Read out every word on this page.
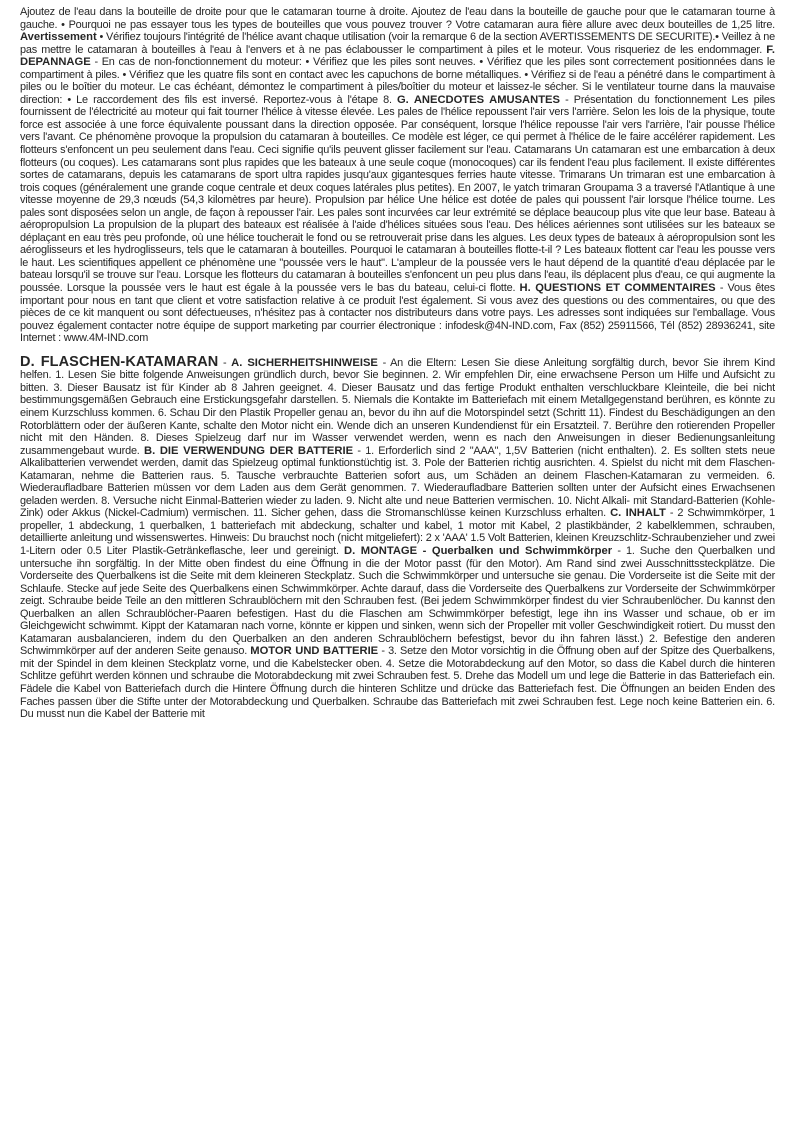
Ajoutez de l'eau dans la bouteille de droite pour que le catamaran tourne à droite. Ajoutez de l'eau dans la bouteille de gauche pour que le catamaran tourne à gauche. • Pourquoi ne pas essayer tous les types de bouteilles que vous pouvez trouver ? Votre catamaran aura fière allure avec deux bouteilles de 1,25 litre. Avertissement • Vérifiez toujours l'intégrité de l'hélice avant chaque utilisation (voir la remarque 6 de la section AVERTISSEMENTS DE SECURITE).• Veillez à ne pas mettre le catamaran à bouteilles à l'eau à l'envers et à ne pas éclabousser le compartiment à piles et le moteur. Vous risqueriez de les endommager. F. DEPANNAGE - En cas de non-fonctionnement du moteur: • Vérifiez que les piles sont neuves. • Vérifiez que les piles sont correctement positionnées dans le compartiment à piles. • Vérifiez que les quatre fils sont en contact avec les capuchons de borne métalliques. • Vérifiez si de l'eau a pénétré dans le compartiment à piles ou le boîtier du moteur. Le cas échéant, démontez le compartiment à piles/boîtier du moteur et laissez-le sécher. Si le ventilateur tourne dans la mauvaise direction: • Le raccordement des fils est inversé. Reportez-vous à l'étape 8. G. ANECDOTES AMUSANTES - Présentation du fonctionnement Les piles fournissent de l'électricité au moteur qui fait tourner l'hélice à vitesse élevée. Les pales de l'hélice repoussent l'air vers l'arrière. Selon les lois de la physique, toute force est associée à une force équivalente poussant dans la direction opposée. Par conséquent, lorsque l'hélice repousse l'air vers l'arrière, l'air pousse l'hélice vers l'avant. Ce phénomène provoque la propulsion du catamaran à bouteilles. Ce modèle est léger, ce qui permet à l'hélice de le faire accélérer rapidement. Les flotteurs s'enfoncent un peu seulement dans l'eau. Ceci signifie qu'ils peuvent glisser facilement sur l'eau. Catamarans Un catamaran est une embarcation à deux flotteurs (ou coques). Les catamarans sont plus rapides que les bateaux à une seule coque (monocoques) car ils fendent l'eau plus facilement. Il existe différentes sortes de catamarans, depuis les catamarans de sport ultra rapides jusqu'aux gigantesques ferries haute vitesse. Trimarans Un trimaran est une embarcation à trois coques (généralement une grande coque centrale et deux coques latérales plus petites). En 2007, le yatch trimaran Groupama 3 a traversé l'Atlantique à une vitesse moyenne de 29,3 nœuds (54,3 kilomètres par heure). Propulsion par hélice Une hélice est dotée de pales qui poussent l'air lorsque l'hélice tourne. Les pales sont disposées selon un angle, de façon à repousser l'air. Les pales sont incurvées car leur extrémité se déplace beaucoup plus vite que leur base. Bateau à aéropropulsion La propulsion de la plupart des bateaux est réalisée à l'aide d'hélices situées sous l'eau. Des hélices aériennes sont utilisées sur les bateaux se déplaçant en eau très peu profonde, où une hélice toucherait le fond ou se retrouverait prise dans les algues. Les deux types de bateaux à aéropropulsion sont les aéroglisseurs et les hydroglisseurs, tels que le catamaran à bouteilles. Pourquoi le catamaran à bouteilles flotte-t-il ? Les bateaux flottent car l'eau les pousse vers le haut. Les scientifiques appellent ce phénomène une "poussée vers le haut". L'ampleur de la poussée vers le haut dépend de la quantité d'eau déplacée par le bateau lorsqu'il se trouve sur l'eau. Lorsque les flotteurs du catamaran à bouteilles s'enfoncent un peu plus dans l'eau, ils déplacent plus d'eau, ce qui augmente la poussée. Lorsque la poussée vers le haut est égale à la poussée vers le bas du bateau, celui-ci flotte. H. QUESTIONS ET COMMENTAIRES - Vous êtes important pour nous en tant que client et votre satisfaction relative à ce produit l'est également. Si vous avez des questions ou des commentaires, ou que des pièces de ce kit manquent ou sont défectueuses, n'hésitez pas à contacter nos distributeurs dans votre pays. Les adresses sont indiquées sur l'emballage. Vous pouvez également contacter notre équipe de support marketing par courrier électronique : infodesk@4N-IND.com, Fax (852) 25911566, Tél (852) 28936241, site Internet : www.4M-IND.com

D. FLASCHEN-KATAMARAN - A. SICHERHEITSHINWEISE - An die Eltern: Lesen Sie diese Anleitung sorgfältig durch, bevor Sie ihrem Kind helfen. 1. Lesen Sie bitte folgende Anweisungen gründlich durch, bevor Sie beginnen. 2. Wir empfehlen Dir, eine erwachsene Person um Hilfe und Aufsicht zu bitten. 3. Dieser Bausatz ist für Kinder ab 8 Jahren geeignet. 4. Dieser Bausatz und das fertige Produkt enthalten verschluckbare Kleinteile, die bei nicht bestimmungsgemäßen Gebrauch eine Erstickungsgefahr darstellen. 5. Niemals die Kontakte im Batteriefach mit einem Metallgegenstand berühren, es könnte zu einem Kurzschluss kommen. 6. Schau Dir den Plastik Propeller genau an, bevor du ihn auf die Motorspindel setzt (Schritt 11). Findest du Beschädigungen an den Rotorblättern oder der äußeren Kante, schalte den Motor nicht ein. Wende dich an unseren Kundendienst für ein Ersatzteil. 7. Berühre den rotierenden Propeller nicht mit den Händen. 8. Dieses Spielzeug darf nur im Wasser verwendet werden, wenn es nach den Anweisungen in dieser Bedienungsanleitung zusammengebaut wurde. B. DIE VERWENDUNG DER BATTERIE - 1. Erforderlich sind 2 "AAA", 1,5V Batterien (nicht enthalten). 2. Es sollten stets neue Alkalibatterien verwendet werden, damit das Spielzeug optimal funktionstüchtig ist. 3. Pole der Batterien richtig ausrichten. 4. Spielst du nicht mit dem Flaschen-Katamaran, nehme die Batterien raus. 5. Tausche verbrauchte Batterien sofort aus, um Schäden an deinem Flaschen-Katamaran zu vermeiden. 6. Wiederaufladbare Batterien müssen vor dem Laden aus dem Gerät genommen. 7. Wiederaufladbare Batterien sollten unter der Aufsicht eines Erwachsenen geladen werden. 8. Versuche nicht Einmal-Batterien wieder zu laden. 9. Nicht alte und neue Batterien vermischen. 10. Nicht Alkali- mit Standard-Batterien (Kohle-Zink) oder Akkus (Nickel-Cadmium) vermischen. 11. Sicher gehen, dass die Stromanschlüsse keinen Kurzschluss erhalten. C. INHALT - 2 Schwimmkörper, 1 propeller, 1 abdeckung, 1 querbalken, 1 batteriefach mit abdeckung, schalter und kabel, 1 motor mit Kabel, 2 plastikbänder, 2 kabelklemmen, schrauben, detaillierte anleitung und wissenswertes. Hinweis: Du brauchst noch (nicht mitgeliefert): 2 x 'AAA' 1.5 Volt Batterien, kleinen Kreuzschlitz-Schraubenzieher und zwei 1-Litern oder 0.5 Liter Plastik-Getränkeflasche, leer und gereinigt. D. MONTAGE - Querbalken und Schwimmkörper - 1. Suche den Querbalken und untersuche ihn sorgfältig. In der Mitte oben findest du eine Öffnung in die der Motor passt (für den Motor). Am Rand sind zwei Ausschnittssteckplätze. Die Vorderseite des Querbalkens ist die Seite mit dem kleineren Steckplatz. Such die Schwimmkörper und untersuche sie genau. Die Vorderseite ist die Seite mit der Schlaufe. Stecke auf jede Seite des Querbalkens einen Schwimmkörper. Achte darauf, dass die Vorderseite des Querbalkens zur Vorderseite der Schwimmkörper zeigt. Schraube beide Teile an den mittleren Schraublöchern mit den Schrauben fest. (Bei jedem Schwimmkörper findest du vier Schraubenlöcher. Du kannst den Querbalken an allen Schraublöcher-Paaren befestigen. Hast du die Flaschen am Schwimmkörper befestigt, lege ihn ins Wasser und schaue, ob er im Gleichgewicht schwimmt. Kippt der Katamaran nach vorne, könnte er kippen und sinken, wenn sich der Propeller mit voller Geschwindigkeit rotiert. Du musst den Katamaran ausbalancieren, indem du den Querbalken an den anderen Schraublöchern befestigst, bevor du ihn fahren lässt.) 2. Befestige den anderen Schwimmkörper auf der anderen Seite genauso. MOTOR UND BATTERIE - 3. Setze den Motor vorsichtig in die Öffnung oben auf der Spitze des Querbalkens, mit der Spindel in dem kleinen Steckplatz vorne, und die Kabelstecker oben. 4. Setze die Motorabdeckung auf den Motor, so dass die Kabel durch die hinteren Schlitze geführt werden können und schraube die Motorabdeckung mit zwei Schrauben fest. 5. Drehe das Modell um und lege die Batterie in das Batteriefach ein. Fädele die Kabel von Batteriefach durch die Hintere Öffnung durch die hinteren Schlitze und drücke das Batteriefach fest. Die Öffnungen an beiden Enden des Faches passen über die Stifte unter der Motorabdeckung und Querbalken. Schraube das Batteriefach mit zwei Schrauben fest. Lege noch keine Batterien ein. 6. Du musst nun die Kabel der Batterie mit
